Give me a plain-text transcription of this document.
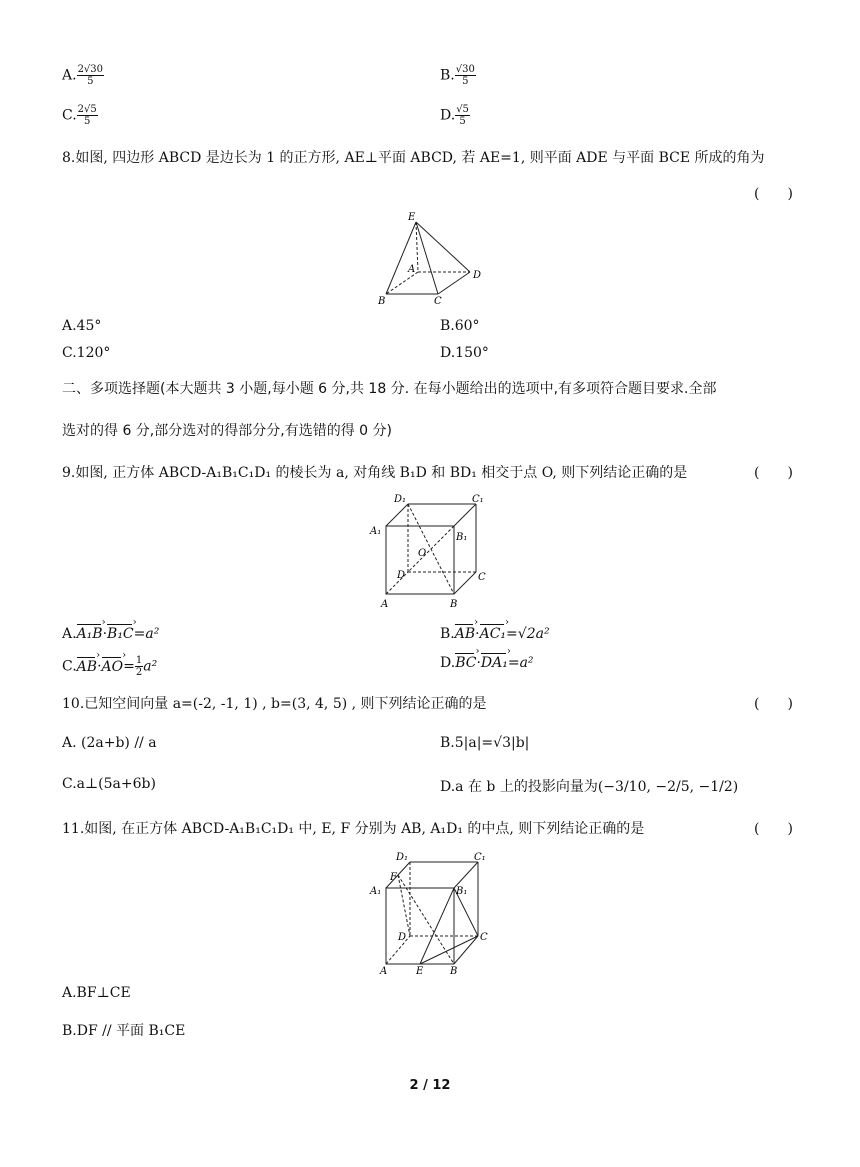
A. $\frac{2√30}{5}$	B. $\frac{√30}{5}$
C. $\frac{2√5}{5}$	D. $\frac{√5}{5}$
8.如图, 四边形 ABCD 是边长为 1 的正方形, AE⊥平面 ABCD, 若 AE=1, 则平面 ADE 与平面 BCE 所成的角为
(　　)
E
A
D
B	C
A.45°	B.60°
C.120°	D.150°
二、多项选择题(本大题共 3 小题,每小题 6 分,共 18 分. 在每小题给出的选项中,有多项符合题目要求.全部
选对的得 6 分,部分选对的得部分分,有选错的得 0 分)
9.如图, 正方体 ABCD-A₁B₁C₁D₁ 的棱长为 a, 对角线 B₁D 和 BD₁ 相交于点 O, 则下列结论正确的是	(　　)
D₁	C₁
A₁
B₁
O
D	C
A	B
A.A₁B ›·B₁C ›=a²	B.AB ›·AC₁ ›=√2a²
C.AB ›·AO ›= $\frac{1}{2} a^2$	D.BC ›·DA₁ ›=a²
10.已知空间向量 a=(-2, -1, 1) , b=(3, 4, 5) , 则下列结论正确的是	(　　)
A. (2a+b) // a	B.5|a|=√3|b|
C.a⊥(5a+6b)	D.a 在 b 上的投影向量为(−3/10, −2/5, −1/2)
11.如图, 在正方体 ABCD-A₁B₁C₁D₁ 中, E, F 分别为 AB, A₁D₁ 的中点, 则下列结论正确的是	(　　)
D₁	C₁
A₁
F
B₁
D	C
A	E	B
A.BF⊥CE
B.DF // 平面 B₁CE
2 / 12
